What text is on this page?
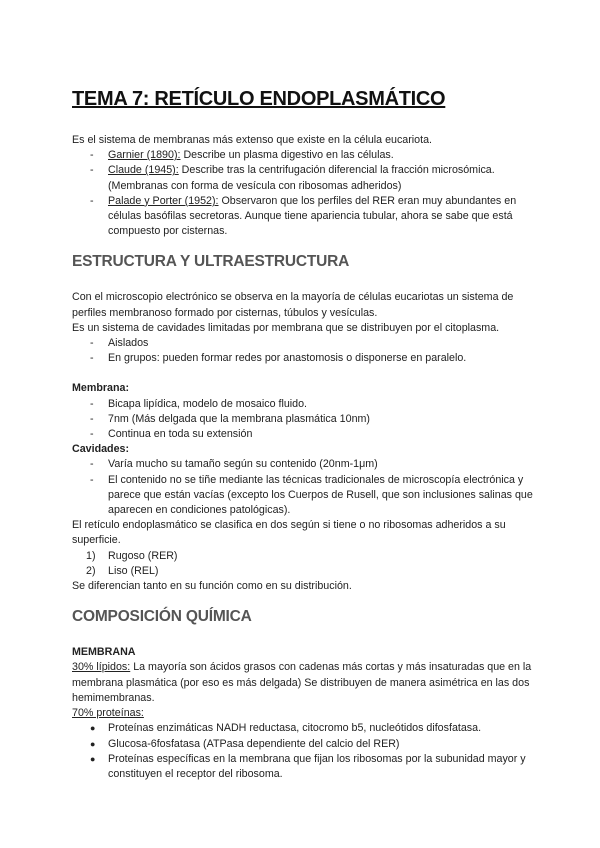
TEMA 7: RETÍCULO ENDOPLASMÁTICO

Es el sistema de membranas más extenso que existe en la célula eucariota.

- Garnier (1890): Describe un plasma digestivo en las células.
- Claude (1945): Describe tras la centrifugación diferencial la fracción microsómica. (Membranas con forma de vesícula con ribosomas adheridos)
- Palade y Porter (1952): Observaron que los perfiles del RER eran muy abundantes en células basófilas secretoras. Aunque tiene apariencia tubular, ahora se sabe que está compuesto por cisternas.
ESTRUCTURA Y ULTRAESTRUCTURA

Con el microscopio electrónico se observa en la mayoría de células eucariotas un sistema de perfiles membranoso formado por cisternas, túbulos y vesículas.

Es un sistema de cavidades limitadas por membrana que se distribuyen por el citoplasma.

- Aislados
- En grupos: pueden formar redes por anastomosis o disponerse en paralelo.

Membrana:

- Bicapa lipídica, modelo de mosaico fluido.
- 7nm (Más delgada que la membrana plasmática 10nm)
- Continua en toda su extensión

Cavidades:

- Varía mucho su tamaño según su contenido (20nm-1μm)
- El contenido no se tiñe mediante las técnicas tradicionales de microscopía electrónica y parece que están vacías (excepto los Cuerpos de Rusell, que son inclusiones salinas que aparecen en condiciones patológicas).

El retículo endoplasmático se clasifica en dos según si tiene o no ribosomas adheridos a su superficie.

1) Rugoso (RER)
2) Liso (REL)

Se diferencian tanto en su función como en su distribución.

COMPOSICIÓN QUÍMICA

MEMBRANA

30% lípidos: La mayoría son ácidos grasos con cadenas más cortas y más insaturadas que en la membrana plasmática (por eso es más delgada) Se distribuyen de manera asimétrica en las dos hemimembranas.

70% proteínas:

● Proteínas enzimáticas NADH reductasa, citocromo b5, nucleótidos difosfatasa.
● Glucosa-6fosfatasa (ATPasa dependiente del calcio del RER)
● Proteínas específicas en la membrana que fijan los ribosomas por la subunidad mayor y constituyen el receptor del ribosoma.
